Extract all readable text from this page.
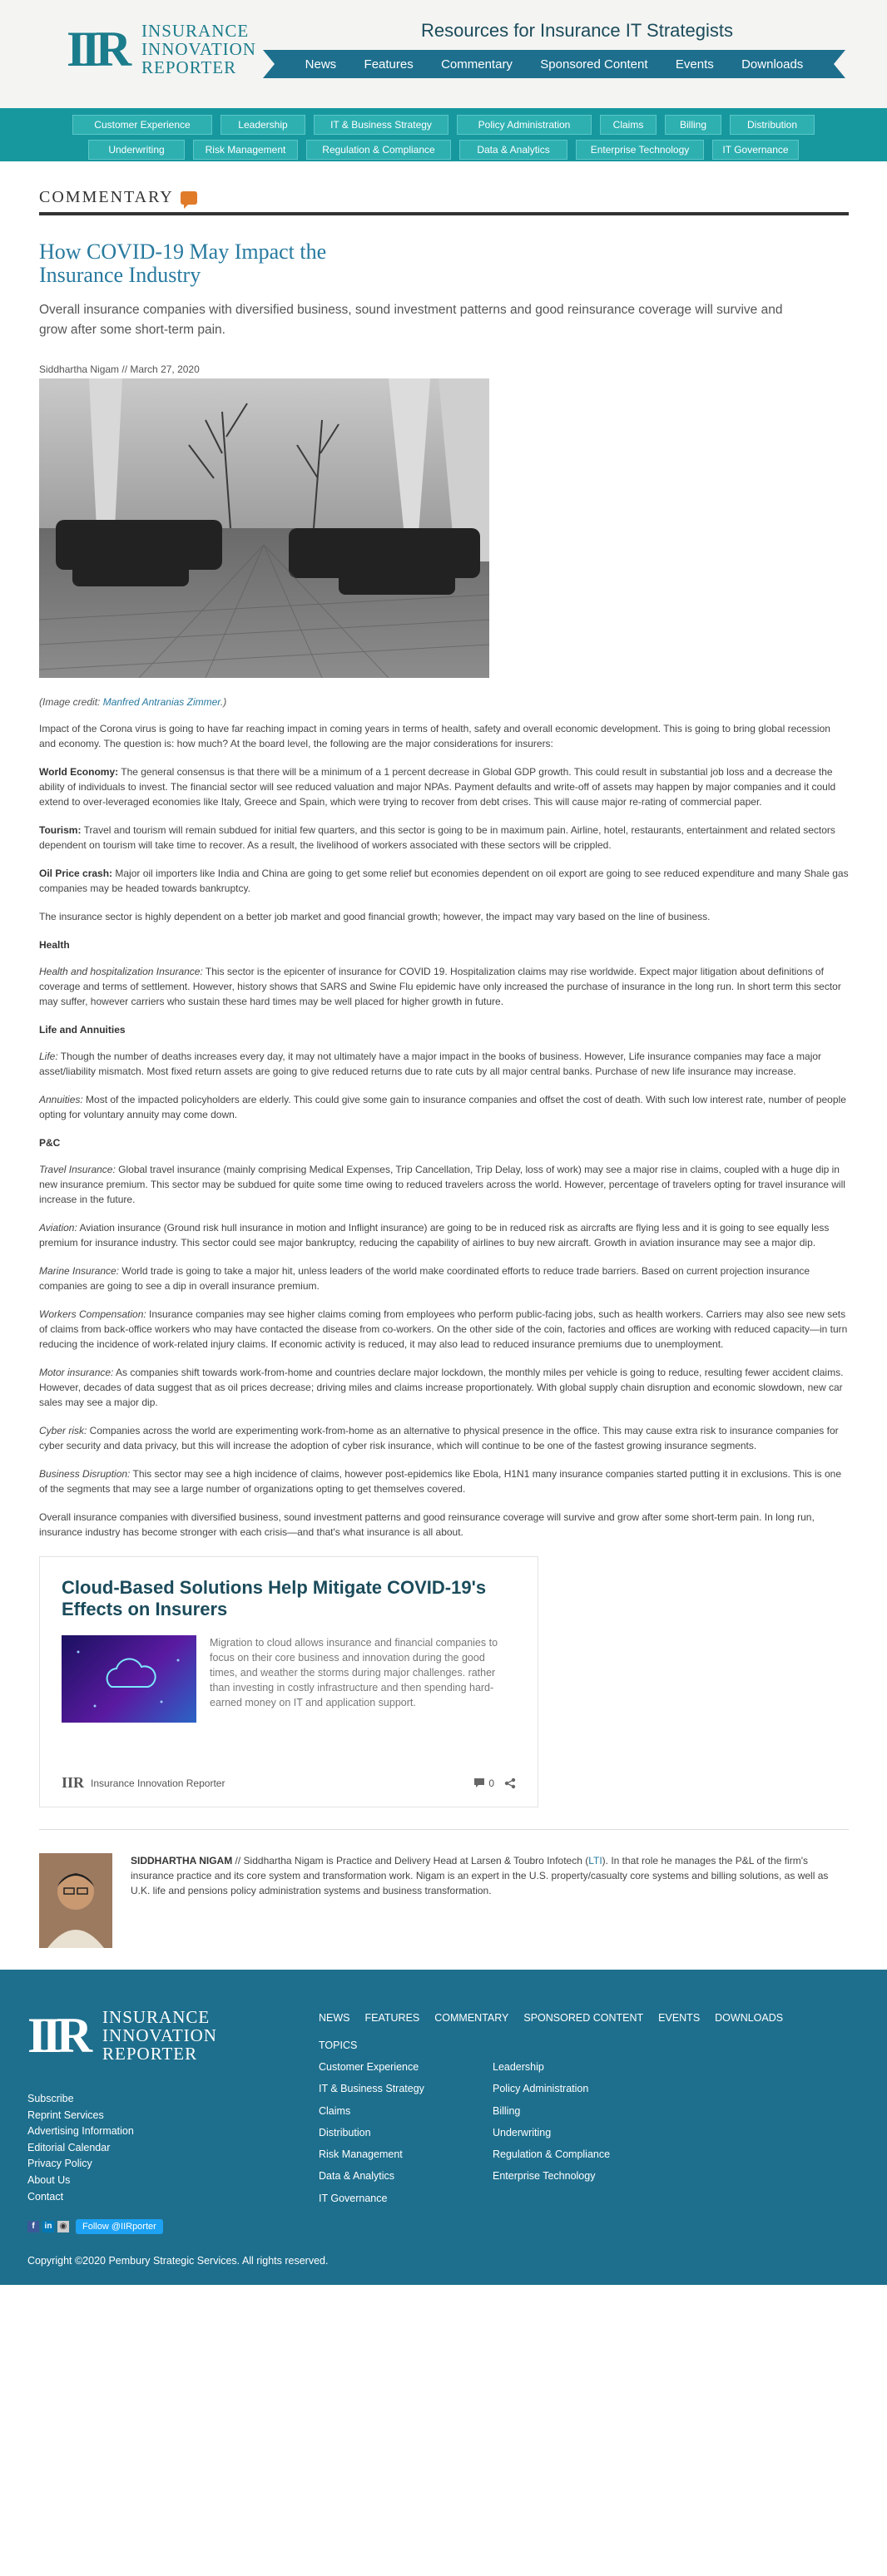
IIR INSURANCE
INNOVATION
REPORTER
Resources for Insurance IT Strategists
News Features Commentary Sponsored Content Events Downloads
Customer Experience	Leadership	IT & Business Strategy	Policy Administration	Claims	Billing	Distribution
Underwriting	Risk Management	Regulation & Compliance	Data & Analytics	Enterprise Technology	IT Governance
COMMENTARY
How COVID-19 May Impact the Insurance Industry

Overall insurance companies with diversified business, sound investment patterns and good reinsurance coverage will survive and grow after some short-term pain.

Siddhartha Nigam // March 27, 2020
(Image credit: Manfred Antranias Zimmer.)

Impact of the Corona virus is going to have far reaching impact in coming years in terms of health, safety and overall economic development. This is going to bring global recession and economy. The question is: how much? At the board level, the following are the major considerations for insurers:

World Economy: The general consensus is that there will be a minimum of a 1 percent decrease in Global GDP growth. This could result in substantial job loss and a decrease the ability of individuals to invest. The financial sector will see reduced valuation and major NPAs. Payment defaults and write-off of assets may happen by major companies and it could extend to over-leveraged economies like Italy, Greece and Spain, which were trying to recover from debt crises. This will cause major re-rating of commercial paper.

Tourism: Travel and tourism will remain subdued for initial few quarters, and this sector is going to be in maximum pain. Airline, hotel, restaurants, entertainment and related sectors dependent on tourism will take time to recover. As a result, the livelihood of workers associated with these sectors will be crippled.

Oil Price crash: Major oil importers like India and China are going to get some relief but economies dependent on oil export are going to see reduced expenditure and many Shale gas companies may be headed towards bankruptcy.

The insurance sector is highly dependent on a better job market and good financial growth; however, the impact may vary based on the line of business.

Health

Health and hospitalization Insurance: This sector is the epicenter of insurance for COVID 19. Hospitalization claims may rise worldwide. Expect major litigation about definitions of coverage and terms of settlement. However, history shows that SARS and Swine Flu epidemic have only increased the purchase of insurance in the long run. In short term this sector may suffer, however carriers who sustain these hard times may be well placed for higher growth in future.

Life and Annuities

Life: Though the number of deaths increases every day, it may not ultimately have a major impact in the books of business. However, Life insurance companies may face a major asset/liability mismatch. Most fixed return assets are going to give reduced returns due to rate cuts by all major central banks. Purchase of new life insurance may increase.

Annuities: Most of the impacted policyholders are elderly. This could give some gain to insurance companies and offset the cost of death. With such low interest rate, number of people opting for voluntary annuity may come down.

P&C

Travel Insurance: Global travel insurance (mainly comprising Medical Expenses, Trip Cancellation, Trip Delay, loss of work) may see a major rise in claims, coupled with a huge dip in new insurance premium. This sector may be subdued for quite some time owing to reduced travelers across the world. However, percentage of travelers opting for travel insurance will increase in the future.

Aviation: Aviation insurance (Ground risk hull insurance in motion and Inflight insurance) are going to be in reduced risk as aircrafts are flying less and it is going to see equally less premium for insurance industry. This sector could see major bankruptcy, reducing the capability of airlines to buy new aircraft. Growth in aviation insurance may see a major dip.

Marine Insurance: World trade is going to take a major hit, unless leaders of the world make coordinated efforts to reduce trade barriers. Based on current projection insurance companies are going to see a dip in overall insurance premium.

Workers Compensation: Insurance companies may see higher claims coming from employees who perform public-facing jobs, such as health workers. Carriers may also see new sets of claims from back-office workers who may have contacted the disease from co-workers. On the other side of the coin, factories and offices are working with reduced capacity—in turn reducing the incidence of work-related injury claims. If economic activity is reduced, it may also lead to reduced insurance premiums due to unemployment.

Motor insurance: As companies shift towards work-from-home and countries declare major lockdown, the monthly miles per vehicle is going to reduce, resulting fewer accident claims. However, decades of data suggest that as oil prices decrease; driving miles and claims increase proportionately. With global supply chain disruption and economic slowdown, new car sales may see a major dip.

Cyber risk: Companies across the world are experimenting work-from-home as an alternative to physical presence in the office. This may cause extra risk to insurance companies for cyber security and data privacy, but this will increase the adoption of cyber risk insurance, which will continue to be one of the fastest growing insurance segments.

Business Disruption: This sector may see a high incidence of claims, however post-epidemics like Ebola, H1N1 many insurance companies started putting it in exclusions. This is one of the segments that may see a large number of organizations opting to get themselves covered.

Overall insurance companies with diversified business, sound investment patterns and good reinsurance coverage will survive and grow after some short-term pain. In long run, insurance industry has become stronger with each crisis—and that's what insurance is all about.

Cloud-Based Solutions Help Mitigate COVID-19's Effects on Insurers
Migration to cloud allows insurance and financial companies to focus on their core business and innovation during the good times, and weather the storms during major challenges. rather than investing in costly infrastructure and then spending hard-earned money on IT and application support.
IIR Insurance Innovation Reporter	0
SIDDHARTHA NIGAM // Siddhartha Nigam is Practice and Delivery Head at Larsen & Toubro Infotech (LTI). In that role he manages the P&L of the firm's insurance practice and its core system and transformation work. Nigam is an expert in the U.S. property/casualty core systems and billing solutions, as well as U.K. life and pensions policy administration systems and business transformation.
IIR INSURANCE
INNOVATION
REPORTER
Subscribe
Reprint Services
Advertising Information
Editorial Calendar
Privacy Policy
About Us
Contact
f	in ◉	Follow @IIRporter
NEWS FEATURES COMMENTARY SPONSORED CONTENT EVENTS DOWNLOADS
TOPICS
Customer Experience
IT & Business Strategy
Claims
Distribution
Risk Management
Data & Analytics
IT Governance
Leadership
Policy Administration
Billing
Underwriting
Regulation & Compliance
Enterprise Technology
Copyright ©2020 Pembury Strategic Services. All rights reserved.
